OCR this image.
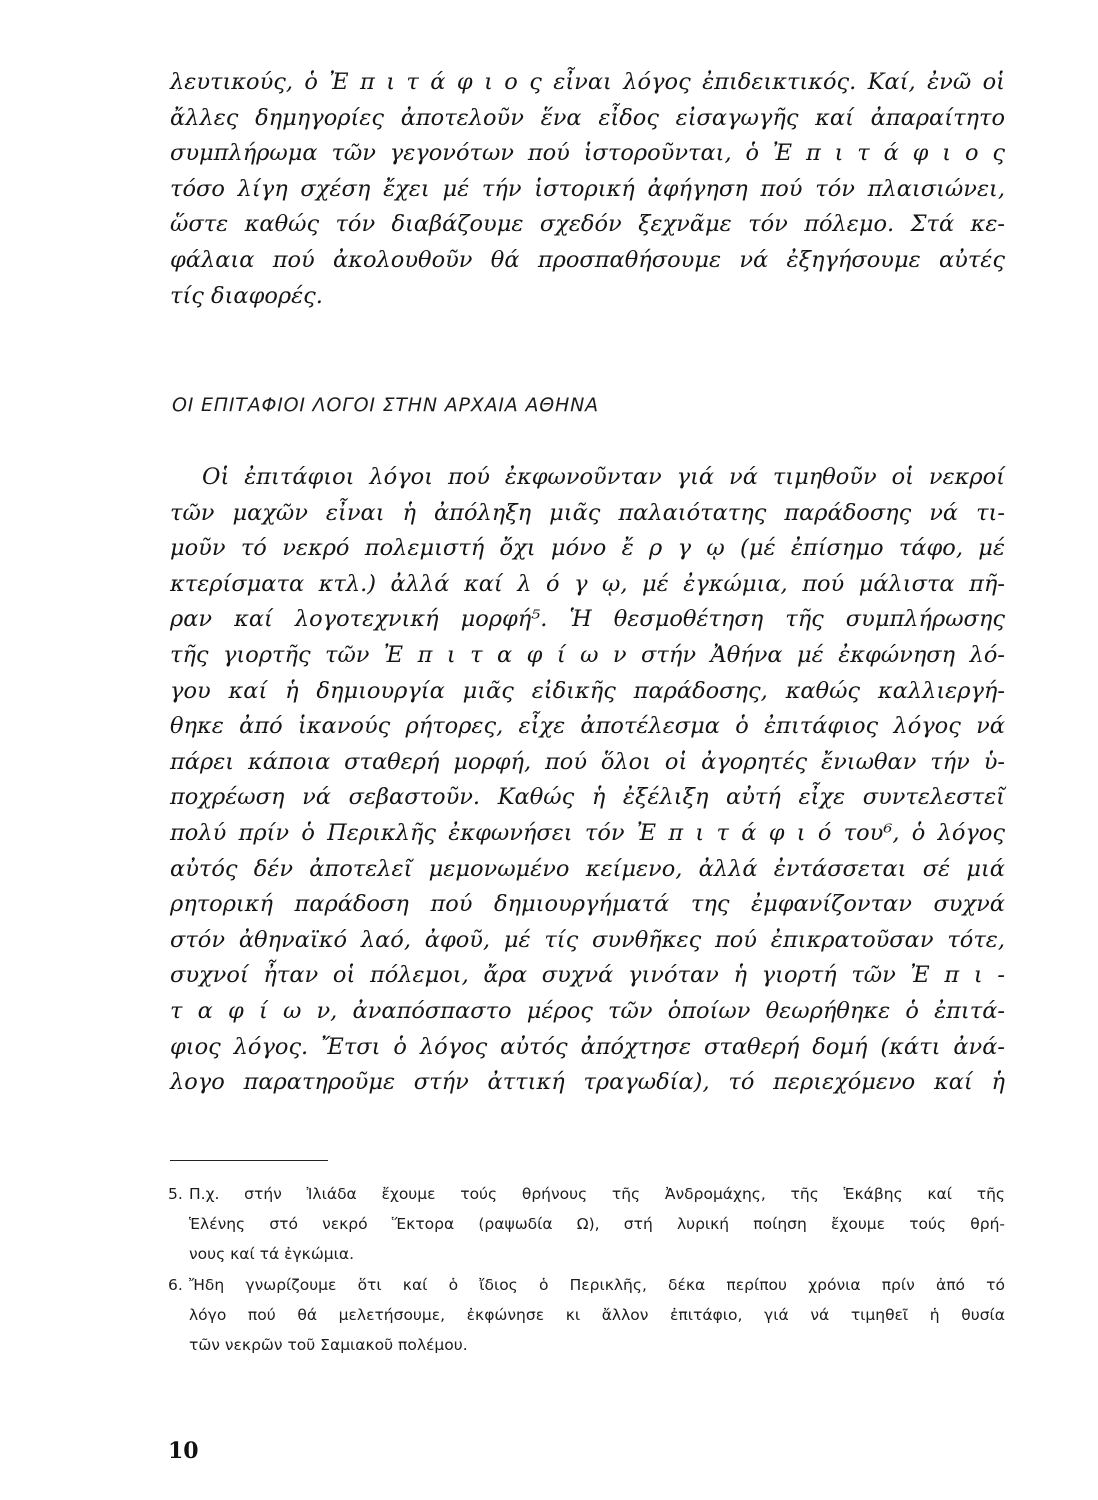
λευτικούς, ὁ Ἐ π ι τ ά φ ι ο ς εἶναι λόγος ἐπιδεικτικός. Καί, ἐνῶ οἱ
ἄλλες δημηγορίες ἀποτελοῦν ἕνα εἶδος εἰσαγωγῆς καί ἀπαραίτητο
συμπλήρωμα τῶν γεγονότων πού ἱστοροῦνται, ὁ Ἐ π ι τ ά φ ι ο ς
τόσο λίγη σχέση ἔχει μέ τήν ἱστορική ἀφήγηση πού τόν πλαισιώνει,
ὥστε καθώς τόν διαβάζουμε σχεδόν ξεχνᾶμε τόν πόλεμο. Στά κε-
φάλαια πού ἀκολουθοῦν θά προσπαθήσουμε νά ἐξηγήσουμε αὐτές
τίς διαφορές.
ΟΙ ΕΠΙΤΑΦΙΟΙ ΛΟΓΟΙ ΣΤΗΝ ΑΡΧΑΙΑ ΑΘΗΝΑ
Οἱ ἐπιτάφιοι λόγοι πού ἐκφωνοῦνταν γιά νά τιμηθοῦν οἱ νεκροί
τῶν μαχῶν εἶναι ἡ ἀπόληξη μιᾶς παλαιότατης παράδοσης νά τι-
μοῦν τό νεκρό πολεμιστή ὄχι μόνο ἔ ρ γ ῳ (μέ ἐπίσημο τάφο, μέ
κτερίσματα κτλ.) ἀλλά καί λ ό γ ῳ, μέ ἐγκώμια, πού μάλιστα πῆ-
ραν καί λογοτεχνική μορφή⁵. Ἡ θεσμοθέτηση τῆς συμπλήρωσης
τῆς γιορτῆς τῶν Ἐ π ι τ α φ ί ω ν στήν Ἀθήνα μέ ἐκφώνηση λό-
γου καί ἡ δημιουργία μιᾶς εἰδικῆς παράδοσης, καθώς καλλιεργή-
θηκε ἀπό ἱκανούς ρήτορες, εἶχε ἀποτέλεσμα ὁ ἐπιτάφιος λόγος νά
πάρει κάποια σταθερή μορφή, πού ὅλοι οἱ ἀγορητές ἔνιωθαν τήν ὑ-
ποχρέωση νά σεβαστοῦν. Καθώς ἡ ἐξέλιξη αὐτή εἶχε συντελεστεῖ
πολύ πρίν ὁ Περικλῆς ἐκφωνήσει τόν Ἐ π ι τ ά φ ι ό του⁶, ὁ λόγος
αὐτός δέν ἀποτελεῖ μεμονωμένο κείμενο, ἀλλά ἐντάσσεται σέ μιά
ρητορική παράδοση πού δημιουργήματά της ἐμφανίζονταν συχνά
στόν ἀθηναϊκό λαό, ἀφοῦ, μέ τίς συνθῆκες πού ἐπικρατοῦσαν τότε,
συχνοί ἦταν οἱ πόλεμοι, ἄρα συχνά γινόταν ἡ γιορτή τῶν Ἐ π ι -
τ α φ ί ω ν, ἀναπόσπαστο μέρος τῶν ὁποίων θεωρήθηκε ὁ ἐπιτά-
φιος λόγος. Ἔτσι ὁ λόγος αὐτός ἀπόχτησε σταθερή δομή (κάτι ἀνά-
λογο παρατηροῦμε στήν ἀττική τραγωδία), τό περιεχόμενο καί ἡ
5. Π.χ. στήν Ἰλιάδα ἔχουμε τούς θρήνους τῆς Ἀνδρομάχης, τῆς Ἑκάβης καί τῆς
Ἑλένης στό νεκρό Ἕκτορα (ραψωδία Ω), στή λυρική ποίηση ἔχουμε τούς θρή-
νους καί τά ἐγκώμια.
6. Ἤδη γνωρίζουμε ὅτι καί ὁ ἴδιος ὁ Περικλῆς, δέκα περίπου χρόνια πρίν ἀπό τό
λόγο πού θά μελετήσουμε, ἐκφώνησε κι ἄλλον ἐπιτάφιο, γιά νά τιμηθεῖ ἡ θυσία
τῶν νεκρῶν τοῦ Σαμιακοῦ πολέμου.
10
